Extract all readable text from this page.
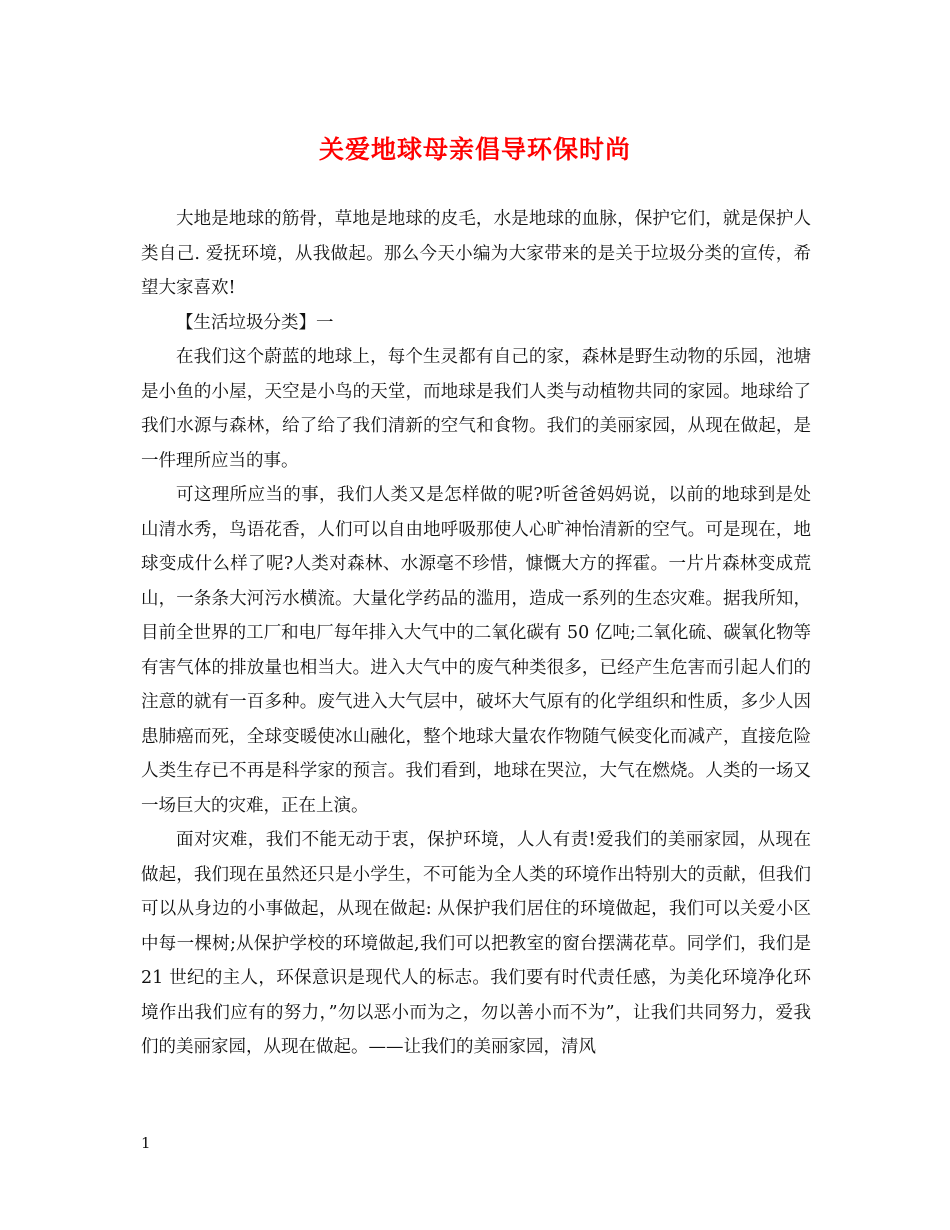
关爱地球母亲倡导环保时尚

大地是地球的筋骨，草地是地球的皮毛，水是地球的血脉，保护它们，就是保护人类自己. 爱抚环境，从我做起。那么今天小编为大家带来的是关于垃圾分类的宣传，希望大家喜欢!

【生活垃圾分类】一

在我们这个蔚蓝的地球上，每个生灵都有自己的家，森林是野生动物的乐园，池塘是小鱼的小屋，天空是小鸟的天堂，而地球是我们人类与动植物共同的家园。地球给了我们水源与森林，给了给了我们清新的空气和食物。我们的美丽家园，从现在做起，是一件理所应当的事。

可这理所应当的事，我们人类又是怎样做的呢?听爸爸妈妈说，以前的地球到是处山清水秀，鸟语花香，人们可以自由地呼吸那使人心旷神怡清新的空气。可是现在，地球变成什么样了呢?人类对森林、水源毫不珍惜，慷慨大方的挥霍。一片片森林变成荒山，一条条大河污水横流。大量化学药品的滥用，造成一系列的生态灾难。据我所知，目前全世界的工厂和电厂每年排入大气中的二氧化碳有 50 亿吨;二氧化硫、碳氧化物等有害气体的排放量也相当大。进入大气中的废气种类很多，已经产生危害而引起人们的注意的就有一百多种。废气进入大气层中，破坏大气原有的化学组织和性质，多少人因患肺癌而死，全球变暖使冰山融化，整个地球大量农作物随气候变化而减产，直接危险人类生存已不再是科学家的预言。我们看到，地球在哭泣，大气在燃烧。人类的一场又一场巨大的灾难，正在上演。

面对灾难，我们不能无动于衷，保护环境，人人有责!爱我们的美丽家园，从现在做起，我们现在虽然还只是小学生，不可能为全人类的环境作出特别大的贡献，但我们可以从身边的小事做起，从现在做起: 从保护我们居住的环境做起，我们可以关爱小区中每一棵树;从保护学校的环境做起,我们可以把教室的窗台摆满花草。同学们，我们是 21 世纪的主人，环保意识是现代人的标志。我们要有时代责任感，为美化环境净化环境作出我们应有的努力，”勿以恶小而为之，勿以善小而不为”，让我们共同努力，爱我们的美丽家园，从现在做起。——让我们的美丽家园，清风

1
